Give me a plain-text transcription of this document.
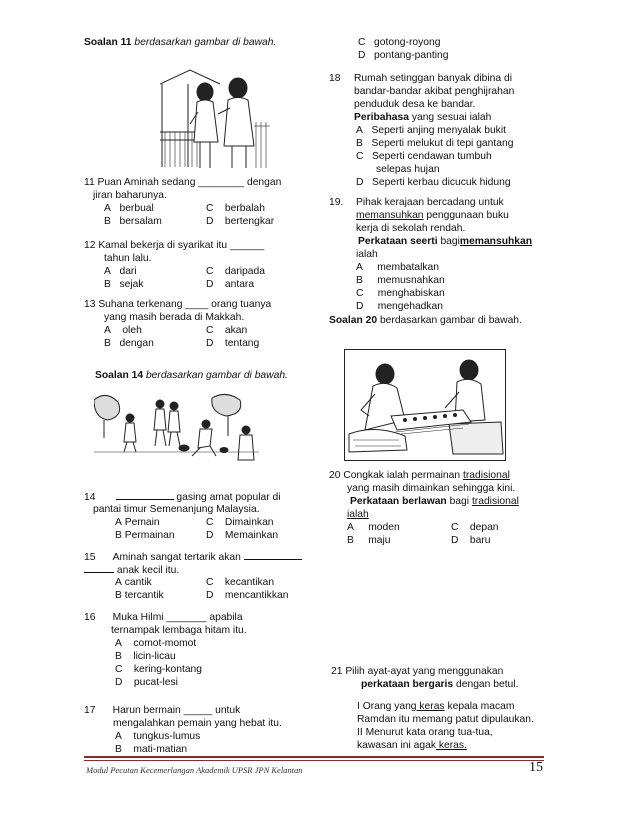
Soalan 11 berdasarkan gambar di bawah.
11 Puan Aminah sedang ________ dengan
jiran baharunya.
A berbual	C berbalah
B bersalam	D bertengkar
12 Kamal bekerja di syarikat itu ______
tahun lalu.
A dari	C daripada
B sejak	D antara
13 Suhana terkenang ____ orang tuanya
yang masih berada di Makkah.
A oleh	C akan
B dengan	D tentang
Soalan 14 berdasarkan gambar di bawah.
14	gasing amat popular di
pantai timur Semenanjung Malaysia.
A Pemain	C Dimainkan
B Permainan	D Memainkan
15 Aminah sangat tertarik akan
anak kecil itu.
A cantik	C kecantikan
B tercantik	D mencantikkan
16 Muka Hilmi _______ apabila
ternampak lembaga hitam itu.
A comot-momot
B licin-licau
C kering-kontang
D pucat-lesi
17 Harun bermain _____ untuk
mengalahkan pemain yang hebat itu.
A tungkus-lumus
B mati-matian
C gotong-royong
D pontang-panting
18 Rumah setinggan banyak dibina di
bandar-bandar akibat penghijrahan
penduduk desa ke bandar.
Peribahasa yang sesuai ialah
A Seperti anjing menyalak bukit
B Seperti melukut di tepi gantang
C Seperti cendawan tumbuh
selepas hujan
D Seperti kerbau dicucuk hidung
19. Pihak kerajaan bercadang untuk
memansuhkan penggunaan buku
kerja di sekolah rendah.
Perkataan seerti bagimemansuhkan
ialah
A membatalkan
B memusnahkan
C menghabiskan
D mengehadkan
Soalan 20 berdasarkan gambar di bawah.
20 Congkak ialah permainan tradisional
yang masih dimainkan sehingga kini.
Perkataan berlawan bagi tradisional
ialah
A moden	C depan
B maju	D baru
21 Pilih ayat-ayat yang menggunakan
perkataan bergaris dengan betul.
I Orang yang keras kepala macam
Ramdan itu memang patut dipulaukan.
II Menurut kata orang tua-tua,
kawasan ini agak keras.
Modul Pecutan Kecemerlangan Akademik UPSR JPN Kelantan	15
